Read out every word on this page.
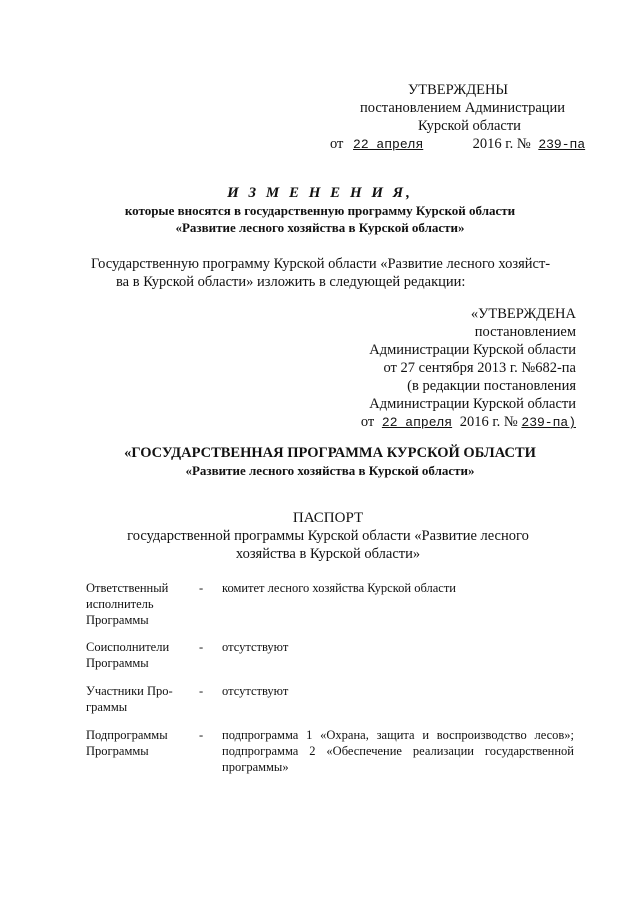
УТВЕРЖДЕНЫ
постановлением Администрации
Курской области
от 22 апреля	2016 г. № 239-па
И З М Е Н Е Н И Я,
которые вносятся в государственную программу Курской области
«Развитие лесного хозяйства в Курской области»
Государственную программу Курской области «Развитие лесного хозяйст-
ва в Курской области» изложить в следующей редакции:
«УТВЕРЖДЕНА
постановлением
Администрации Курской области
от 27 сентября 2013 г. №682-па
(в редакции постановления
Администрации Курской области
от 22 апреля 2016 г. № 239-па)
«ГОСУДАРСТВЕННАЯ ПРОГРАММА КУРСКОЙ ОБЛАСТИ
«Развитие лесного хозяйства в Курской области»
ПАСПОРТ
государственной программы Курской области «Развитие лесного
хозяйства в Курской области»
Ответственный исполнитель Программы
- комитет лесного хозяйства Курской области
Соисполнители Программы
- отсутствуют
Участники Про-граммы
- отсутствуют
Подпрограммы Программы
- подпрограмма 1 «Охрана, защита и воспроизводство лесов»; подпрограмма 2 «Обеспечение реализации государственной программы»
